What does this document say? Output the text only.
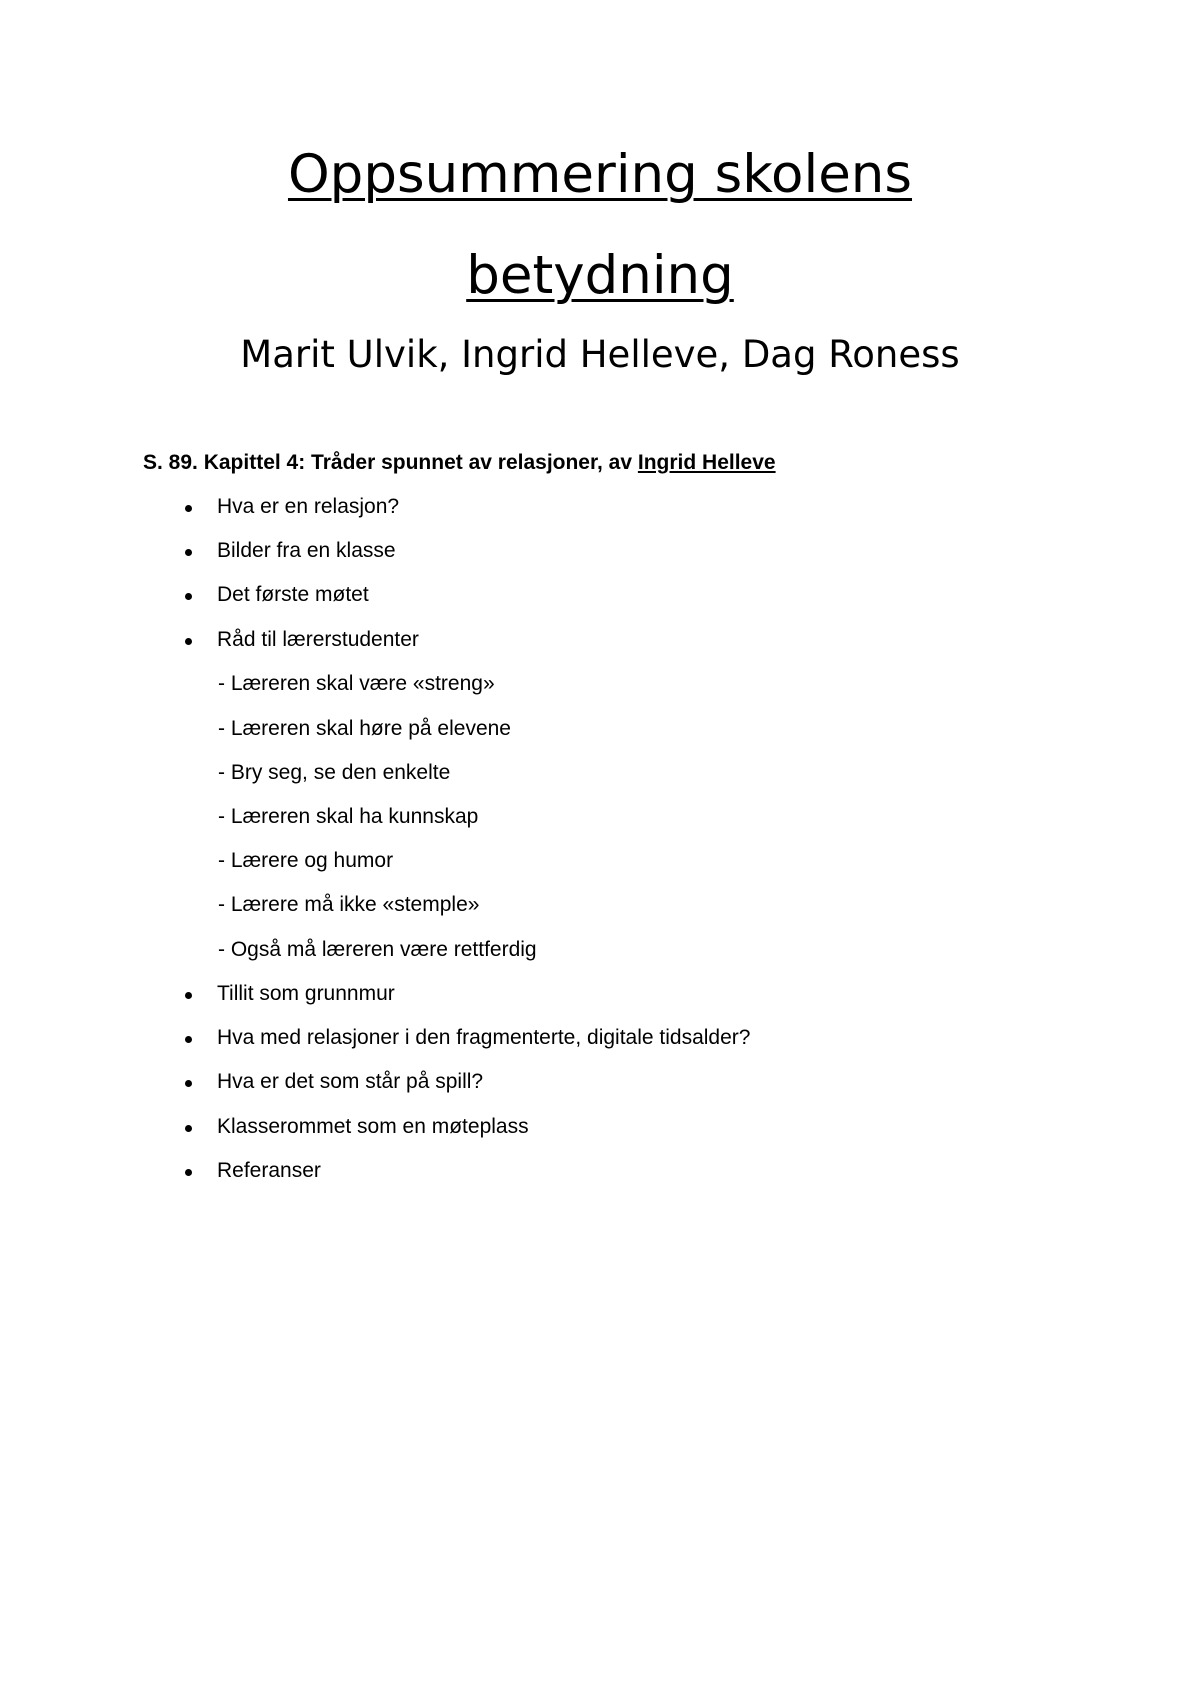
Oppsummering skolens
betydning
Marit Ulvik, Ingrid Helleve, Dag Roness
S. 89. Kapittel 4: Tråder spunnet av relasjoner, av Ingrid Helleve
Hva er en relasjon?
Bilder fra en klasse
Det første møtet
Råd til lærerstudenter
- Læreren skal være «streng»
- Læreren skal høre på elevene
- Bry seg, se den enkelte
- Læreren skal ha kunnskap
- Lærere og humor
- Lærere må ikke «stemple»
- Også må læreren være rettferdig
Tillit som grunnmur
Hva med relasjoner i den fragmenterte, digitale tidsalder?
Hva er det som står på spill?
Klasserommet som en møteplass
Referanser
